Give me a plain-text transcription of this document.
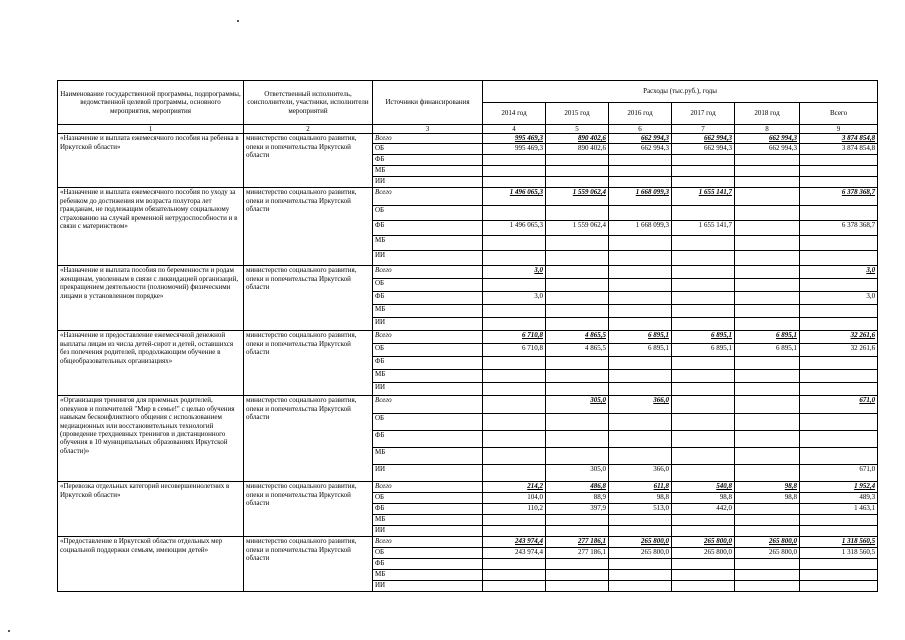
Наименование государственной программы, подпрограммы, ведомственной целевой программы, основного мероприятия, мероприятия	Ответственный исполнитель, соисполнители, участники, исполнители мероприятий	Источники финансирования	Расходы (тыс.руб.), годы					
			2014 год	2015 год	2016 год	2017 год	2018 год	Всего
1	2	3	4	5	6	7	8	9
«Назначение и выплата ежемесячного пособия на ребенка в Иркутской области»	министерство социального развития, опеки и попечительства Иркутской области	Всего	995 469,3	890 402,6	662 994,3	662 994,3	662 994,3	3 874 854,8
		ОБ	995 469,3	890 402,6	662 994,3	662 994,3	662 994,3	3 874 854,8
		ФБ						
		МБ						
		ИИ						
«Назначение и выплата ежемесячного пособия по уходу за ребенком до достижения им возраста полутора лет гражданам, не подлежащим обязательному социальному страхованию на случай временной нетрудоспособности и в связи с материнством»	министерство социального развития, опеки и попечительства Иркутской области	Всего	1 496 065,3	1 559 062,4	1 668 099,3	1 655 141,7		6 378 368,7
		ОБ						
		ФБ	1 496 065,3	1 559 062,4	1 668 099,3	1 655 141,7		6 378 368,7
		МБ						
		ИИ						
«Назначение и выплата пособия по беременности и родам женщинам, уволенным в связи с ликвидацией организаций, прекращением деятельности (полномочий) физическими лицами в установленном порядке»	министерство социального развития, опеки и попечительства Иркутской области	Всего	3,0					3,0
		ОБ						
		ФБ	3,0					3,0
		МБ						
		ИИ						
«Назначение и предоставление ежемесячной денежной выплаты лицам из числа детей-сирот и детей, оставшихся без попечения родителей, продолжающим обучение в общеобразовательных организациях»	министерство социального развития, опеки и попечительства Иркутской области	Всего	6 710,8	4 865,5	6 895,1	6 895,1	6 895,1	32 261,6
		ОБ	6 710,8	4 865,5	6 895,1	6 895,1	6 895,1	32 261,6
		ФБ						
		МБ						
		ИИ						
«Организация тренингов для приемных родителей, опекунов и попечителей "Мир в семье!" с целью обучения навыкам бесконфликтного общения с использованием медиационных или восстановительных технологий (проведение трехдневных тренингов и дистанционного обучения в 10 муниципальных образованиях Иркутской области)»	министерство социального развития, опеки и попечительства Иркутской области	Всего		305,0	366,0			671,0
		ОБ						
		ФБ						
		МБ						
		ИИ		305,0	366,0			671,0
«Перевозка отдельных категорий несовершеннолетних в Иркутской области»	министерство социального развития, опеки и попечительства Иркутской области	Всего	214,2	486,8	611,8	540,8	98,8	1 952,4
		ОБ	104,0	88,9	98,8	98,8	98,8	489,3
		ФБ	110,2	397,9	513,0	442,0		1 463,1
		МБ						
		ИИ						
«Предоставление в Иркутской области отдельных мер социальной поддержки семьям, имеющим детей»	министерство социального развития, опеки и попечительства Иркутской области	Всего	243 974,4	277 186,1	265 800,0	265 800,0	265 800,0	1 318 560,5
		ОБ	243 974,4	277 186,1	265 800,0	265 800,0	265 800,0	1 318 560,5
		ФБ						
		МБ						
		ИИ						
